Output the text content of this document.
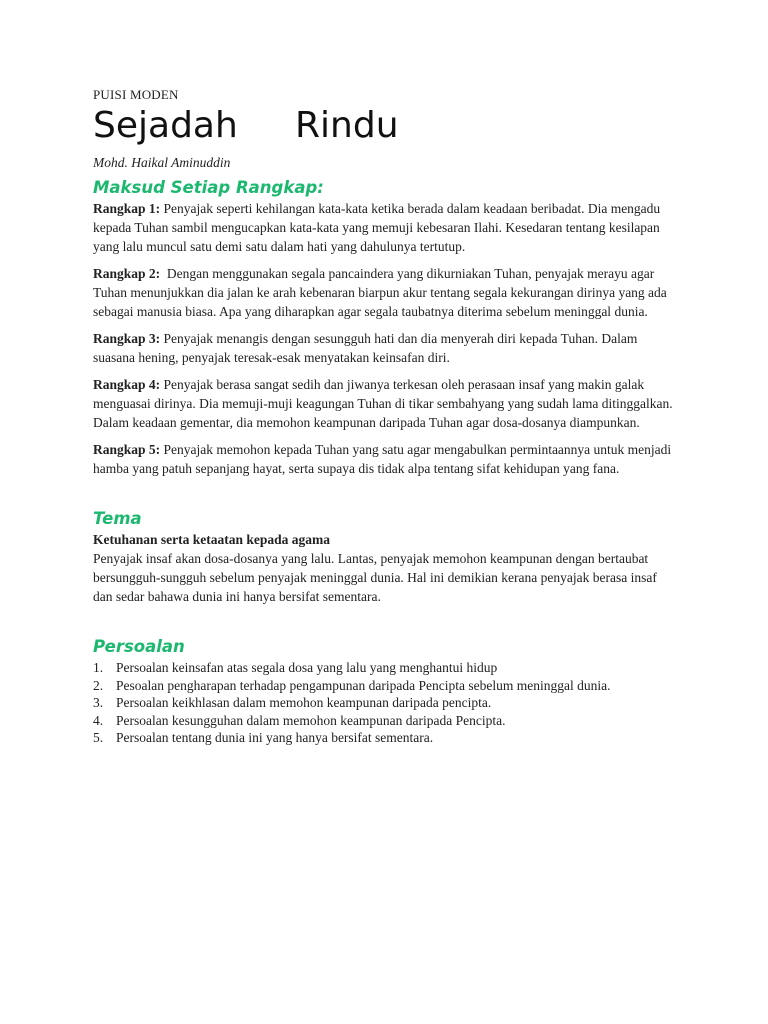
PUISI MODEN

Sejadah     Rindu

Mohd. Haikal Aminuddin

Maksud Setiap Rangkap:

Rangkap 1: Penyajak seperti kehilangan kata-kata ketika berada dalam keadaan beribadat. Dia mengadu kepada Tuhan sambil mengucapkan kata-kata yang memuji kebesaran Ilahi. Kesedaran tentang kesilapan yang lalu muncul satu demi satu dalam hati yang dahulunya tertutup.

Rangkap 2:  Dengan menggunakan segala pancaindera yang dikurniakan Tuhan, penyajak merayu agar Tuhan menunjukkan dia jalan ke arah kebenaran biarpun akur tentang segala kekurangan dirinya yang ada sebagai manusia biasa. Apa yang diharapkan agar segala taubatnya diterima sebelum meninggal dunia.

Rangkap 3: Penyajak menangis dengan sesungguh hati dan dia menyerah diri kepada Tuhan. Dalam suasana hening, penyajak teresak-esak menyatakan keinsafan diri.

Rangkap 4: Penyajak berasa sangat sedih dan jiwanya terkesan oleh perasaan insaf yang makin galak menguasai dirinya. Dia memuji-muji keagungan Tuhan di tikar sembahyang yang sudah lama ditinggalkan. Dalam keadaan gementar, dia memohon keampunan daripada Tuhan agar dosa-dosanya diampunkan.

Rangkap 5: Penyajak memohon kepada Tuhan yang satu agar mengabulkan permintaannya untuk menjadi hamba yang patuh sepanjang hayat, serta supaya dis tidak alpa tentang sifat kehidupan yang fana.

Tema

Ketuhanan serta ketaatan kepada agama

Penyajak insaf akan dosa-dosanya yang lalu. Lantas, penyajak memohon keampunan dengan bertaubat bersungguh-sungguh sebelum penyajak meninggal dunia. Hal ini demikian kerana penyajak berasa insaf dan sedar bahawa dunia ini hanya bersifat sementara.

Persoalan
1. Persoalan keinsafan atas segala dosa yang lalu yang menghantui hidup
2. Pesoalan pengharapan terhadap pengampunan daripada Pencipta sebelum meninggal dunia.
3. Persoalan keikhlasan dalam memohon keampunan daripada pencipta.
4. Persoalan kesungguhan dalam memohon keampunan daripada Pencipta.
5. Persoalan tentang dunia ini yang hanya bersifat sementara.
